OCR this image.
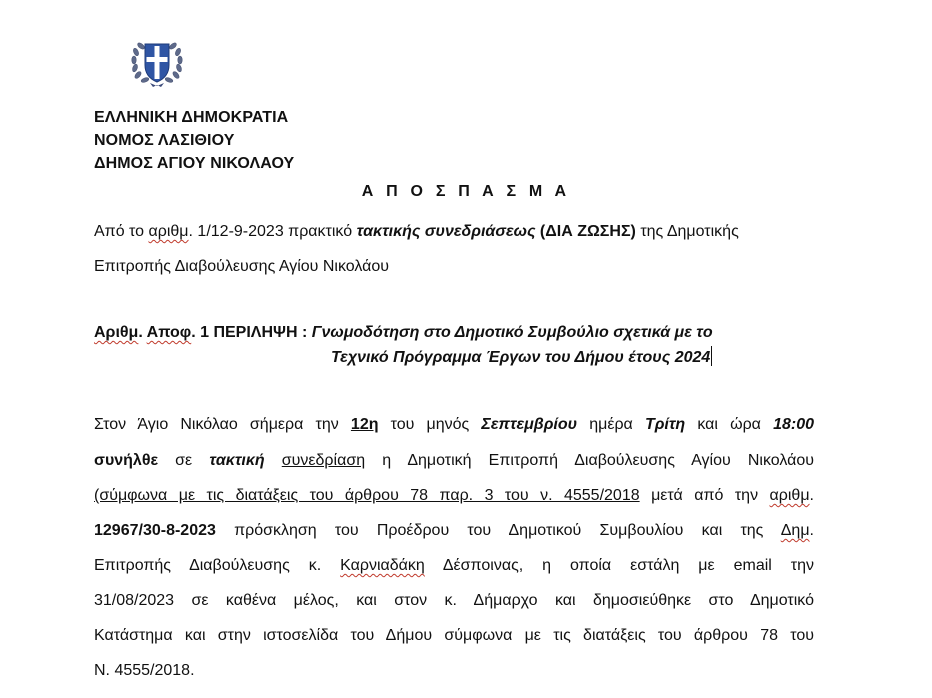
ΕΛΛΗΝΙΚΗ ΔΗΜΟΚΡΑΤΙΑ
ΝΟΜΟΣ ΛΑΣΙΘΙΟΥ
ΔΗΜΟΣ ΑΓΙΟΥ ΝΙΚΟΛΑΟΥ
Α Π Ο Σ Π Α Σ Μ Α
Από το αριθμ. 1/12-9-2023 πρακτικό τακτικής συνεδριάσεως (ΔΙΑ ΖΩΣΗΣ) της Δημοτικής
Επιτροπής Διαβούλευσης Αγίου Νικολάου
Αριθμ. Αποφ. 1 ΠΕΡΙΛΗΨΗ : Γνωμοδότηση στο Δημοτικό Συμβούλιο σχετικά με το
Τεχνικό Πρόγραμμα Έργων του Δήμου έτους 2024
Στον Άγιο Νικόλαο σήμερα την 12η του μηνός Σεπτεμβρίου ημέρα Τρίτη και ώρα 18:00
συνήλθε σε τακτική συνεδρίαση η Δημοτική Επιτροπή Διαβούλευσης Αγίου Νικολάου
(σύμφωνα με τις διατάξεις του άρθρου 78 παρ. 3 του ν. 4555/2018 μετά από την αριθμ.
12967/30-8-2023 πρόσκληση του Προέδρου του Δημοτικού Συμβουλίου και της Δημ.
Επιτροπής Διαβούλευσης κ. Καρνιαδάκη Δέσποινας, η οποία εστάλη με email την
31/08/2023 σε καθένα μέλος, και στον κ. Δήμαρχο και δημοσιεύθηκε στο Δημοτικό
Κατάστημα και στην ιστοσελίδα του Δήμου σύμφωνα με τις διατάξεις του άρθρου 78 του
Ν. 4555/2018.
